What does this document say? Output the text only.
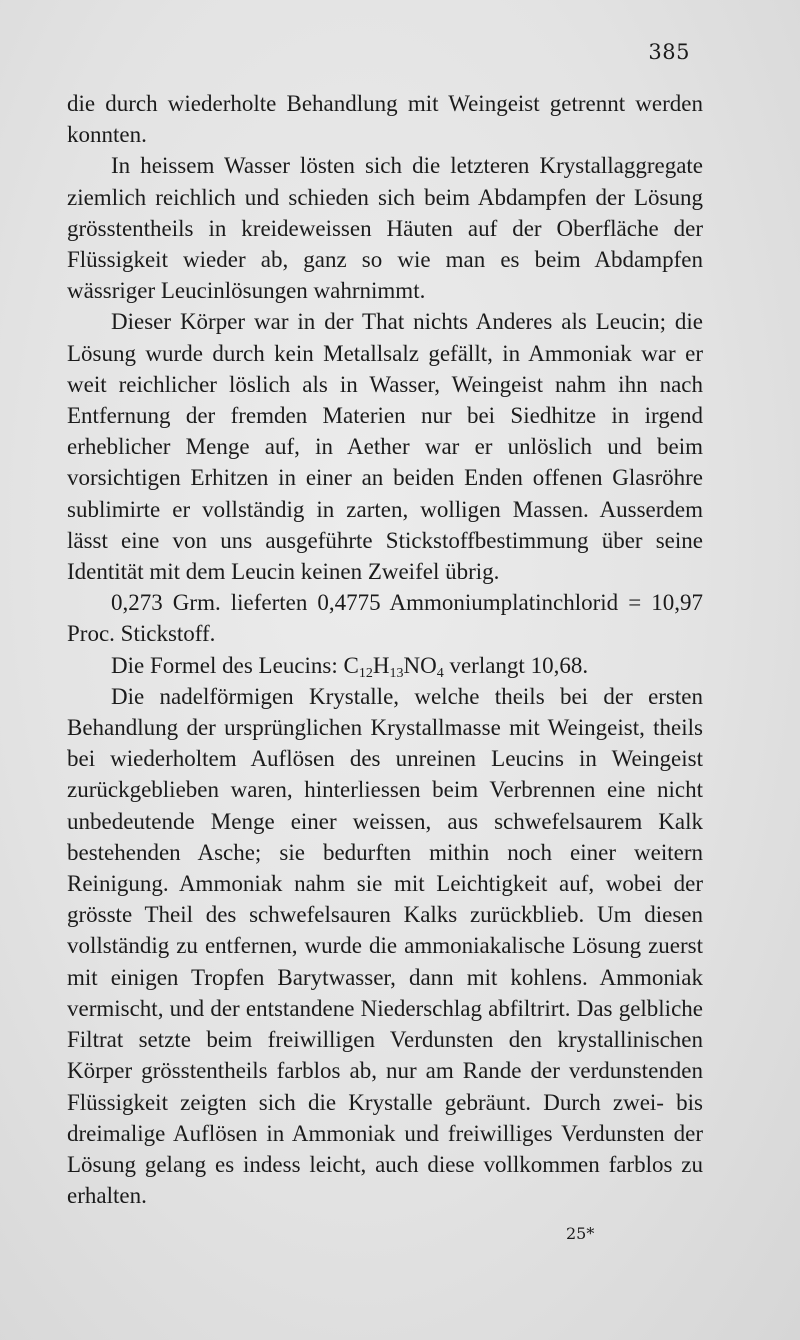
385

die durch wiederholte Behandlung mit Weingeist getrennt werden konnten.

In heissem Wasser lösten sich die letzteren Krystallaggregate ziemlich reichlich und schieden sich beim Abdampfen der Lösung grösstentheils in kreideweissen Häuten auf der Oberfläche der Flüssigkeit wieder ab, ganz so wie man es beim Abdampfen wässriger Leucinlösungen wahrnimmt.

Dieser Körper war in der That nichts Anderes als Leucin; die Lösung wurde durch kein Metallsalz gefällt, in Ammoniak war er weit reichlicher löslich als in Wasser, Weingeist nahm ihn nach Entfernung der fremden Materien nur bei Siedhitze in irgend erheblicher Menge auf, in Aether war er unlöslich und beim vorsichtigen Erhitzen in einer an beiden Enden offenen Glasröhre sublimirte er vollständig in zarten, wolligen Massen. Ausserdem lässt eine von uns ausgeführte Stickstoffbestimmung über seine Identität mit dem Leucin keinen Zweifel übrig.

0,273 Grm. lieferten 0,4775 Ammoniumplatinchlorid = 10,97 Proc. Stickstoff.

Die Formel des Leucins: $C_{12}H_{13}NO_4$ verlangt 10,68.

Die nadelförmigen Krystalle, welche theils bei der ersten Behandlung der ursprünglichen Krystallmasse mit Weingeist, theils bei wiederholtem Auflösen des unreinen Leucins in Weingeist zurückgeblieben waren, hinterliessen beim Verbrennen eine nicht unbedeutende Menge einer weissen, aus schwefelsaurem Kalk bestehenden Asche; sie bedurften mithin noch einer weitern Reinigung. Ammoniak nahm sie mit Leichtigkeit auf, wobei der grösste Theil des schwefelsauren Kalks zurückblieb. Um diesen vollständig zu entfernen, wurde die ammoniakalische Lösung zuerst mit einigen Tropfen Barytwasser, dann mit kohlens. Ammoniak vermischt, und der entstandene Niederschlag abfiltrirt. Das gelbliche Filtrat setzte beim freiwilligen Verdunsten den krystallinischen Körper grösstentheils farblos ab, nur am Rande der verdunstenden Flüssigkeit zeigten sich die Krystalle gebräunt. Durch zwei- bis dreimalige Auflösen in Ammoniak und freiwilliges Verdunsten der Lösung gelang es indess leicht, auch diese vollkommen farblos zu erhalten.

25*
